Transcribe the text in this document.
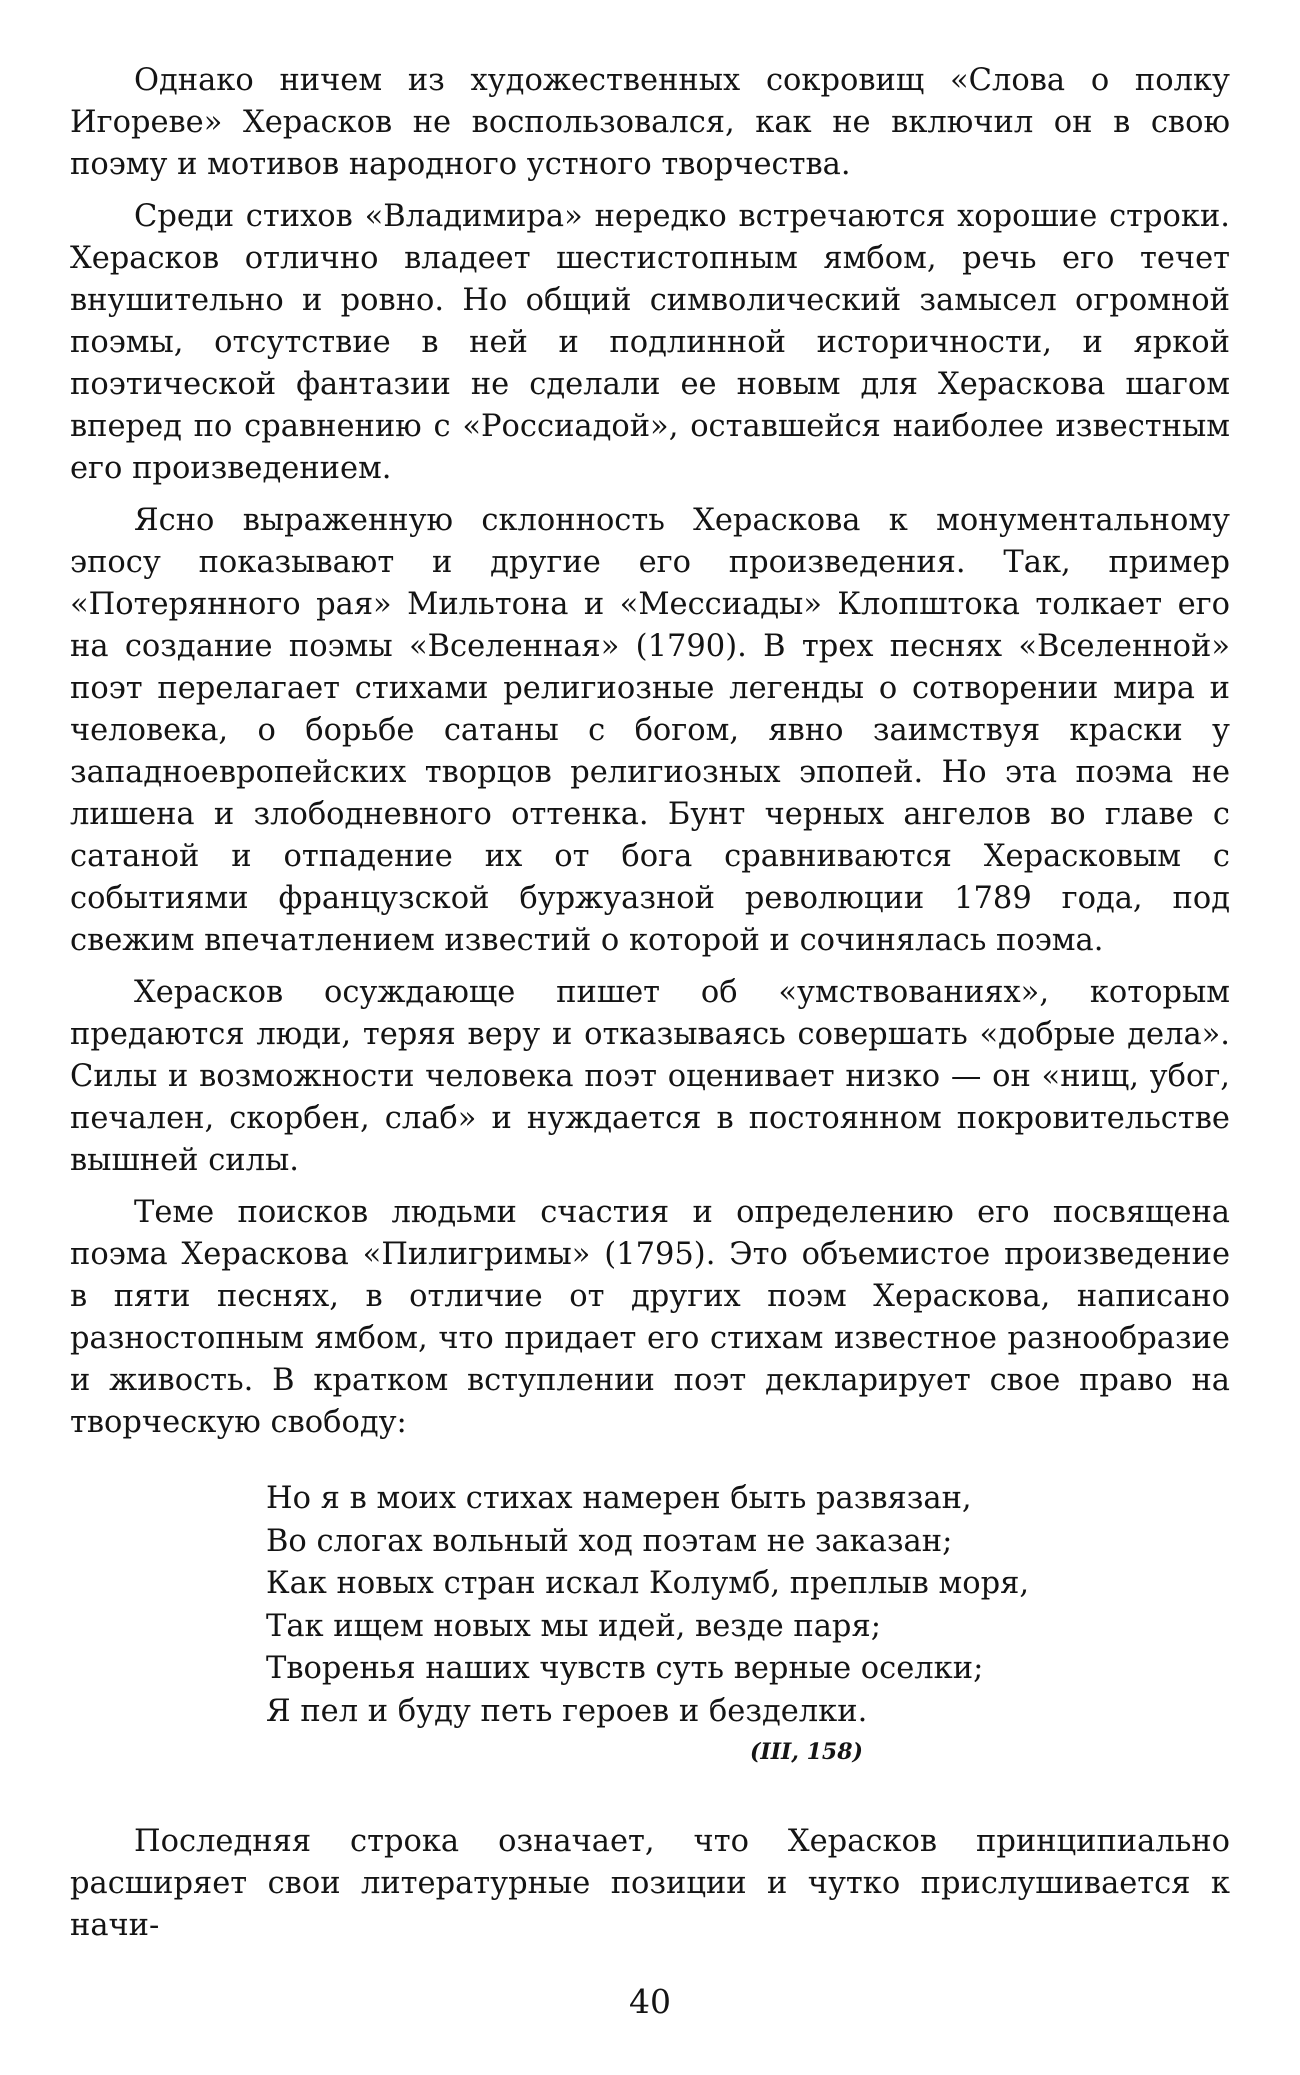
Однако ничем из художественных сокровищ «Слова о полку Игореве» Херасков не воспользовался, как не включил он в свою поэму и мотивов народного устного творчества.

Среди стихов «Владимира» нередко встречаются хорошие строки. Херасков отлично владеет шестистопным ямбом, речь его течет внушительно и ровно. Но общий символический замысел огромной поэмы, отсутствие в ней и подлинной историчности, и яркой поэтической фантазии не сделали ее новым для Хераскова шагом вперед по сравнению с «Россиадой», оставшейся наиболее известным его произведением.

Ясно выраженную склонность Хераскова к монументальному эпосу показывают и другие его произведения. Так, пример «Потерянного рая» Мильтона и «Мессиады» Клопштока толкает его на создание поэмы «Вселенная» (1790). В трех песнях «Вселенной» поэт перелагает стихами религиозные легенды о сотворении мира и человека, о борьбе сатаны с богом, явно заимствуя краски у западноевропейских творцов религиозных эпопей. Но эта поэма не лишена и злободневного оттенка. Бунт черных ангелов во главе с сатаной и отпадение их от бога сравниваются Херасковым с событиями французской буржуазной революции 1789 года, под свежим впечатлением известий о которой и сочинялась поэма.

Херасков осуждающе пишет об «умствованиях», которым предаются люди, теряя веру и отказываясь совершать «добрые дела». Силы и возможности человека поэт оценивает низко — он «нищ, убог, печален, скорбен, слаб» и нуждается в постоянном покровительстве вышней силы.

Теме поисков людьми счастия и определению его посвящена поэма Хераскова «Пилигримы» (1795). Это объемистое произведение в пяти песнях, в отличие от других поэм Хераскова, написано разностопным ямбом, что придает его стихам известное разнообразие и живость. В кратком вступлении поэт декларирует свое право на творческую свободу:

Но я в моих стихах намерен быть развязан,
Во слогах вольный ход поэтам не заказан;
Как новых стран искал Колумб, преплыв моря,
Так ищем новых мы идей, везде паря;
Творенья наших чувств суть верные оселки;
Я пел и буду петь героев и безделки.
(III, 158)

Последняя строка означает, что Херасков принципиально расширяет свои литературные позиции и чутко прислушивается к начи-

40
